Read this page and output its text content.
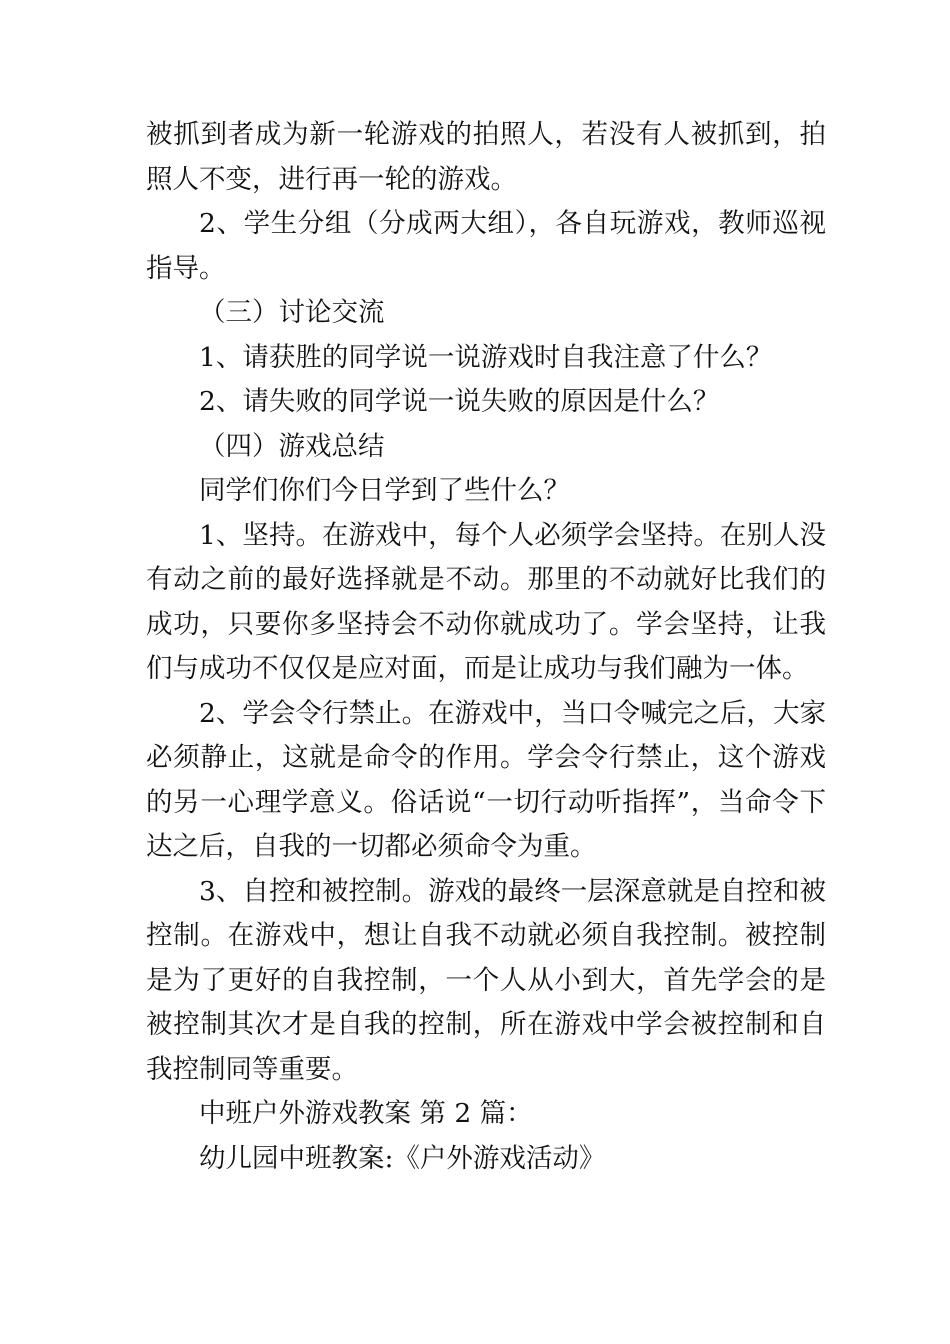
被抓到者成为新一轮游戏的拍照人，若没有人被抓到，拍照人不变，进行再一轮的游戏。

2、学生分组（分成两大组），各自玩游戏，教师巡视指导。

（三）讨论交流

1、请获胜的同学说一说游戏时自我注意了什么？

2、请失败的同学说一说失败的原因是什么？

（四）游戏总结

同学们你们今日学到了些什么？

1、坚持。在游戏中，每个人必须学会坚持。在别人没有动之前的最好选择就是不动。那里的不动就好比我们的成功，只要你多坚持会不动你就成功了。学会坚持，让我们与成功不仅仅是应对面，而是让成功与我们融为一体。

2、学会令行禁止。在游戏中，当口令喊完之后，大家必须静止，这就是命令的作用。学会令行禁止，这个游戏的另一心理学意义。俗话说“一切行动听指挥”，当命令下达之后，自我的一切都必须命令为重。

3、自控和被控制。游戏的最终一层深意就是自控和被控制。在游戏中，想让自我不动就必须自我控制。被控制是为了更好的自我控制，一个人从小到大，首先学会的是被控制其次才是自我的控制，所在游戏中学会被控制和自我控制同等重要。

中班户外游戏教案 第 2 篇：

幼儿园中班教案:《户外游戏活动》
